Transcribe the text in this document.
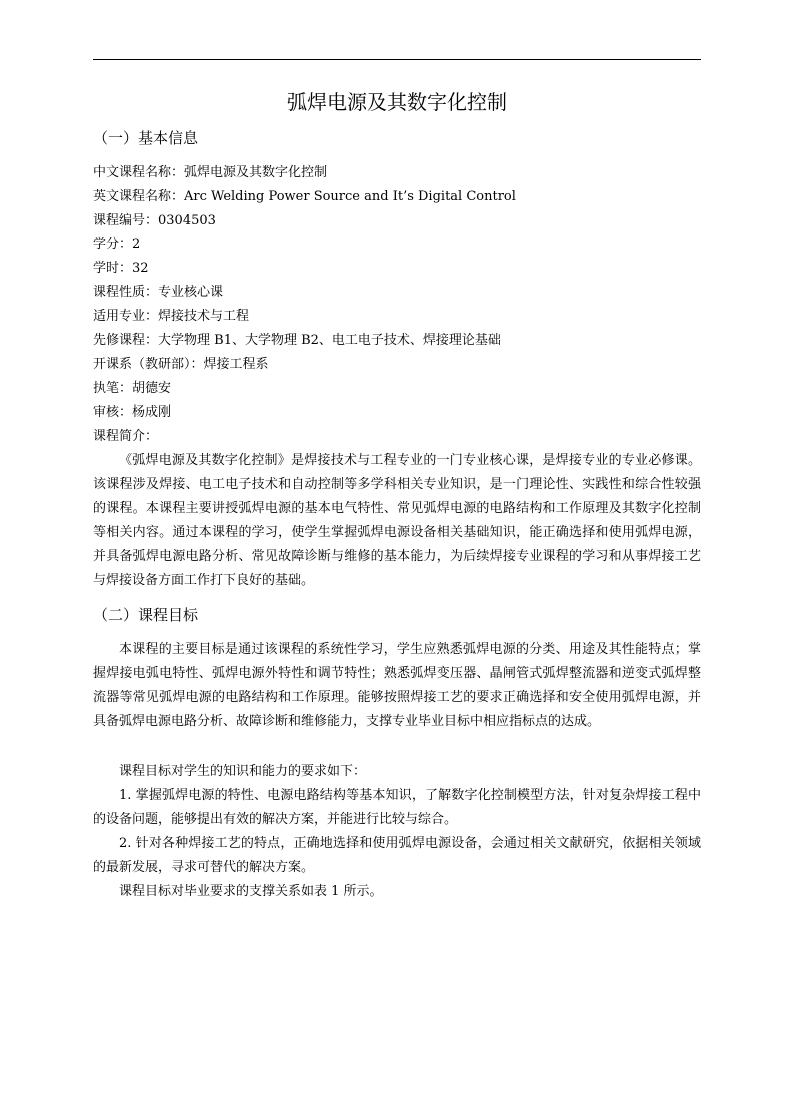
弧焊电源及其数字化控制
（一）基本信息
中文课程名称：弧焊电源及其数字化控制
英文课程名称：Arc Welding Power Source and It’s Digital Control
课程编号：0304503
学分：2
学时：32
课程性质：专业核心课
适用专业：焊接技术与工程
先修课程：大学物理 B1、大学物理 B2、电工电子技术、焊接理论基础
开课系（教研部）：焊接工程系
执笔：胡德安
审核：杨成刚
课程简介：

《弧焊电源及其数字化控制》是焊接技术与工程专业的一门专业核心课，是焊接专业的专业必修课。该课程涉及焊接、电工电子技术和自动控制等多学科相关专业知识，是一门理论性、实践性和综合性较强的课程。本课程主要讲授弧焊电源的基本电气特性、常见弧焊电源的电路结构和工作原理及其数字化控制等相关内容。通过本课程的学习，使学生掌握弧焊电源设备相关基础知识，能正确选择和使用弧焊电源，并具备弧焊电源电路分析、常见故障诊断与维修的基本能力，为后续焊接专业课程的学习和从事焊接工艺与焊接设备方面工作打下良好的基础。

（二）课程目标

本课程的主要目标是通过该课程的系统性学习，学生应熟悉弧焊电源的分类、用途及其性能特点；掌握焊接电弧电特性、弧焊电源外特性和调节特性；熟悉弧焊变压器、晶闸管式弧焊整流器和逆变式弧焊整流器等常见弧焊电源的电路结构和工作原理。能够按照焊接工艺的要求正确选择和安全使用弧焊电源，并具备弧焊电源电路分析、故障诊断和维修能力，支撑专业毕业目标中相应指标点的达成。

课程目标对学生的知识和能力的要求如下：

1. 掌握弧焊电源的特性、电源电路结构等基本知识，了解数字化控制模型方法，针对复杂焊接工程中的设备问题，能够提出有效的解决方案，并能进行比较与综合。

2. 针对各种焊接工艺的特点，正确地选择和使用弧焊电源设备，会通过相关文献研究，依据相关领域的最新发展，寻求可替代的解决方案。

课程目标对毕业要求的支撑关系如表 1 所示。
